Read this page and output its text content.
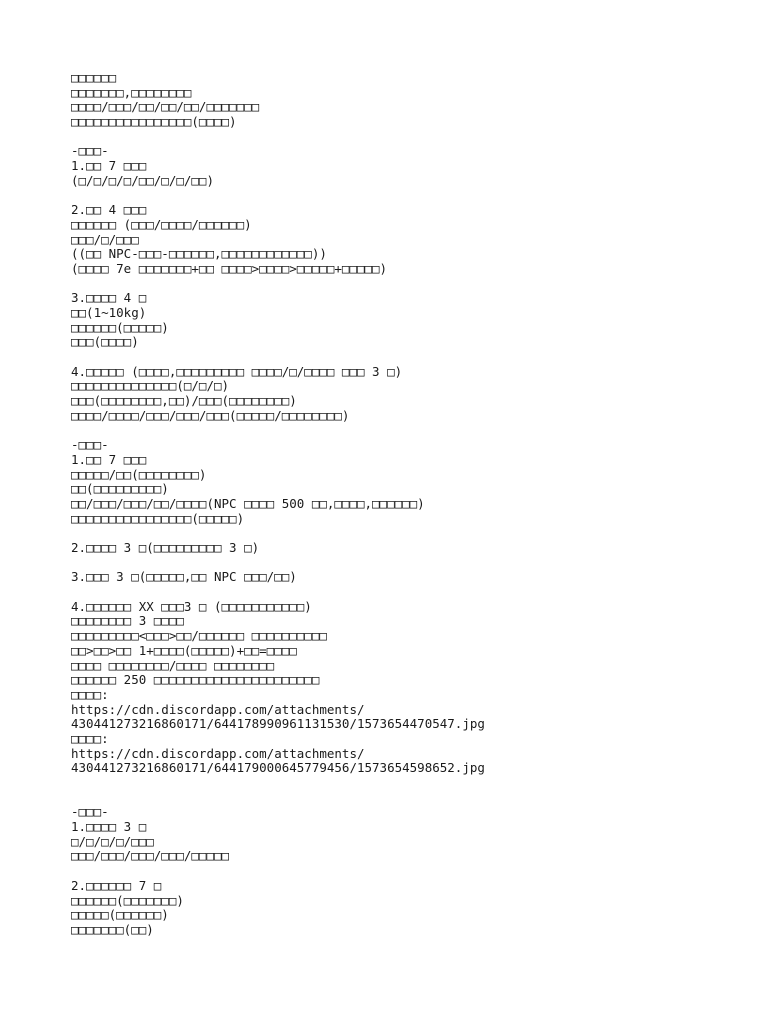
□□□□□□
□□□□□□□,□□□□□□□□
□□□□/□□□/□□/□□/□□/□□□□□□□
□□□□□□□□□□□□□□□□(□□□□)
-□□□-
1.□□ 7 □□□
(□/□/□/□/□□/□/□/□□)
2.□□ 4 □□□
□□□□□□ (□□□/□□□□/□□□□□□)
□□□/□/□□□
((□□ NPC-□□□-□□□□□□,□□□□□□□□□□□□))
(□□□□ 7e □□□□□□□+□□ □□□□>□□□□>□□□□□+□□□□□)
3.□□□□ 4 □
□□(1~10kg)
□□□□□□(□□□□□)
□□□(□□□□)
4.□□□□□ (□□□□,□□□□□□□□□ □□□□/□/□□□□ □□□ 3 □)
□□□□□□□□□□□□□□(□/□/□)
□□□(□□□□□□□□,□□)/□□□(□□□□□□□□)
□□□□/□□□□/□□□/□□□/□□□(□□□□□/□□□□□□□□)
-□□□-
1.□□ 7 □□□
□□□□□/□□(□□□□□□□□)
□□(□□□□□□□□□)
□□/□□□/□□□/□□/□□□□(NPC □□□□ 500 □□,□□□□,□□□□□□)
□□□□□□□□□□□□□□□□(□□□□□)
2.□□□□ 3 □(□□□□□□□□□ 3 □)
3.□□□ 3 □(□□□□□,□□ NPC □□□/□□)
4.□□□□□□ XX □□□3 □ (□□□□□□□□□□□)
□□□□□□□□ 3 □□□□
□□□□□□□□□<□□□>□□/□□□□□□ □□□□□□□□□□
□□>□□>□□ 1+□□□□(□□□□□)+□□=□□□□
□□□□ □□□□□□□□/□□□□ □□□□□□□□
□□□□□□ 250 □□□□□□□□□□□□□□□□□□□□□□
□□□□:
https://cdn.discordapp.com/attachments/
430441273216860171/644178990961131530/1573654470547.jpg
□□□□:
https://cdn.discordapp.com/attachments/
430441273216860171/644179000645779456/1573654598652.jpg
-□□□-
1.□□□□ 3 □
□/□/□/□/□□□
□□□/□□□/□□□/□□□/□□□□□
2.□□□□□□ 7 □
□□□□□□(□□□□□□□)
□□□□□(□□□□□□)
□□□□□□□(□□)
